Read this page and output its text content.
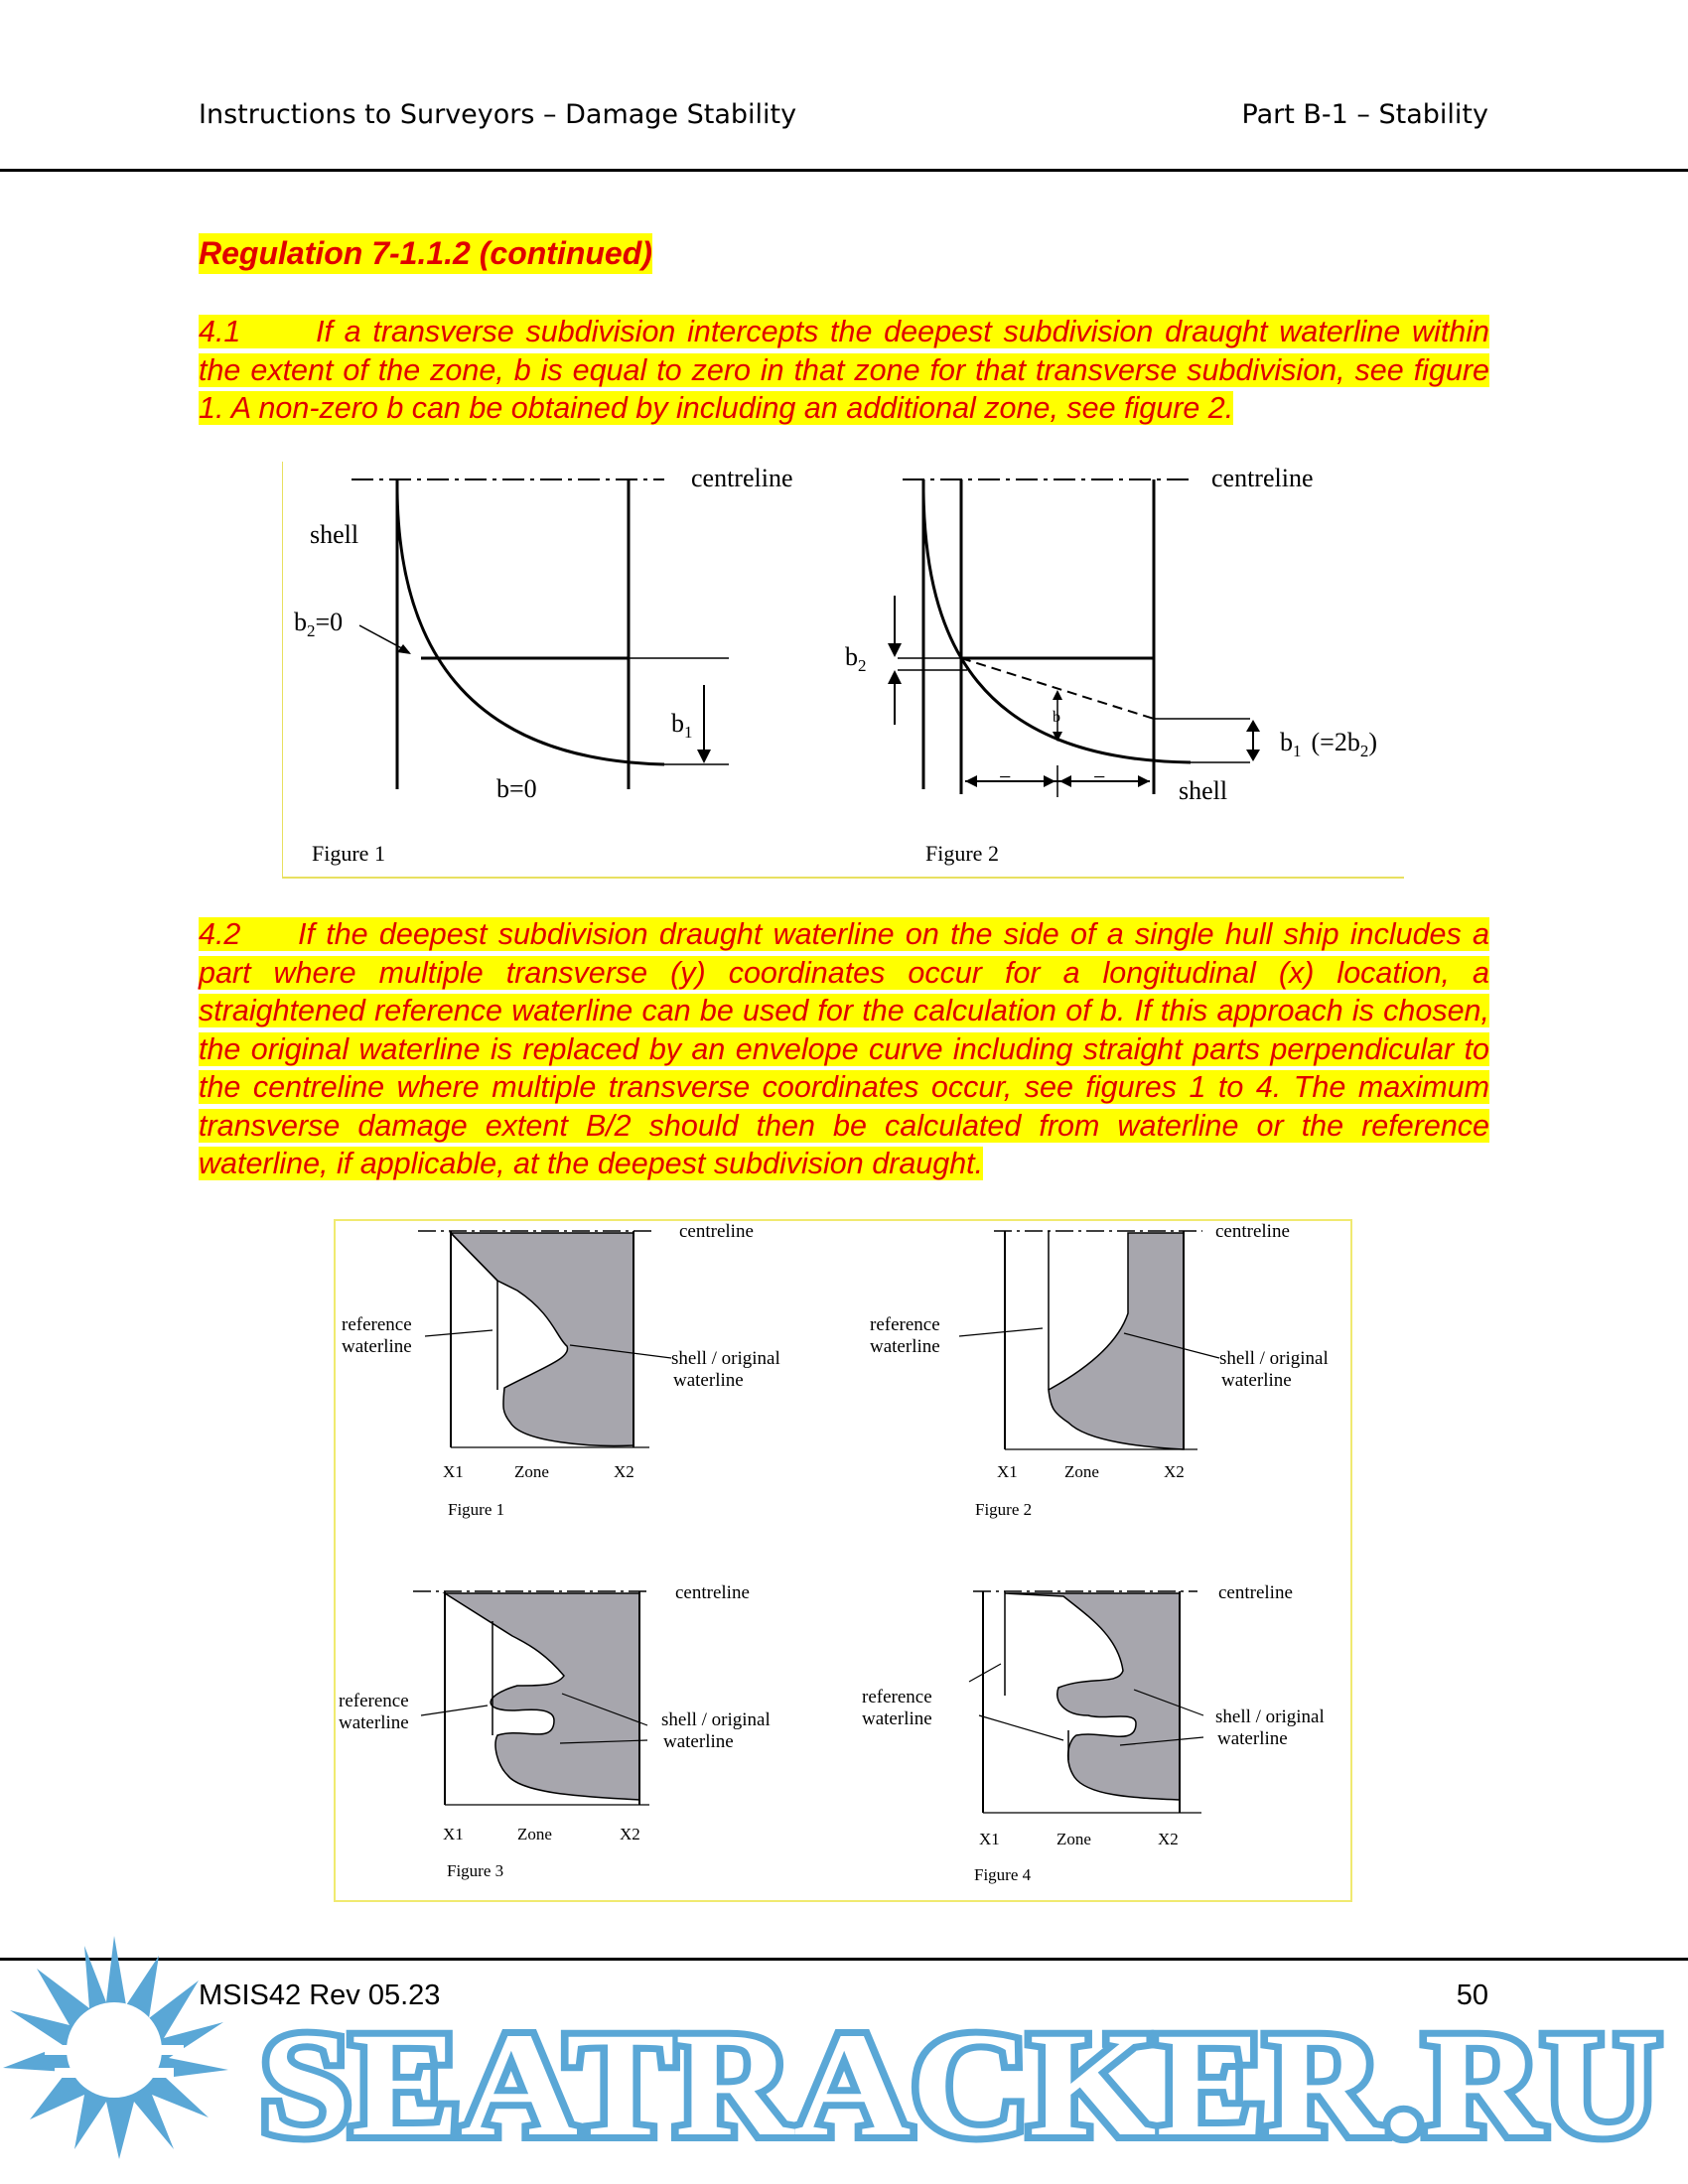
Instructions to Surveyors – Damage Stability	Part B-1 – Stability
Regulation 7-1.1.2 (continued)
4.1 If a transverse subdivision intercepts the deepest subdivision draught waterline within the extent of the zone, b is equal to zero in that zone for that transverse subdivision, see figure 1. A non-zero b can be obtained by including an additional zone, see figure 2.
centreline
shell
$b_2=0$
$b_1$
b=0
Figure 1
centreline
$b_2$
b
=	=
$b_1$ $(=2b_2)$
shell
Figure 2
4.2 If the deepest subdivision draught waterline on the side of a single hull ship includes a part where multiple transverse (y) coordinates occur for a longitudinal (x) location, a straightened reference waterline can be used for the calculation of b. If this approach is chosen, the original waterline is replaced by an envelope curve including straight parts perpendicular to the centreline where multiple transverse coordinates occur, see figures 1 to 4. The maximum transverse damage extent B/2 should then be calculated from waterline or the reference waterline, if applicable, at the deepest subdivision draught.
reference waterline
shell / original waterline
centreline
X1	Zone	X2
Figure 1
reference waterline
shell / original waterline
centreline
X1	Zone	X2
Figure 2
reference waterline	shell / original waterline
centreline
X1	Zone	X2
Figure 3
reference waterline	shell / original waterline
centreline
X1	Zone	X2
Figure 4
MSIS42 Rev 05.23	50
SEATRACKER.RU
